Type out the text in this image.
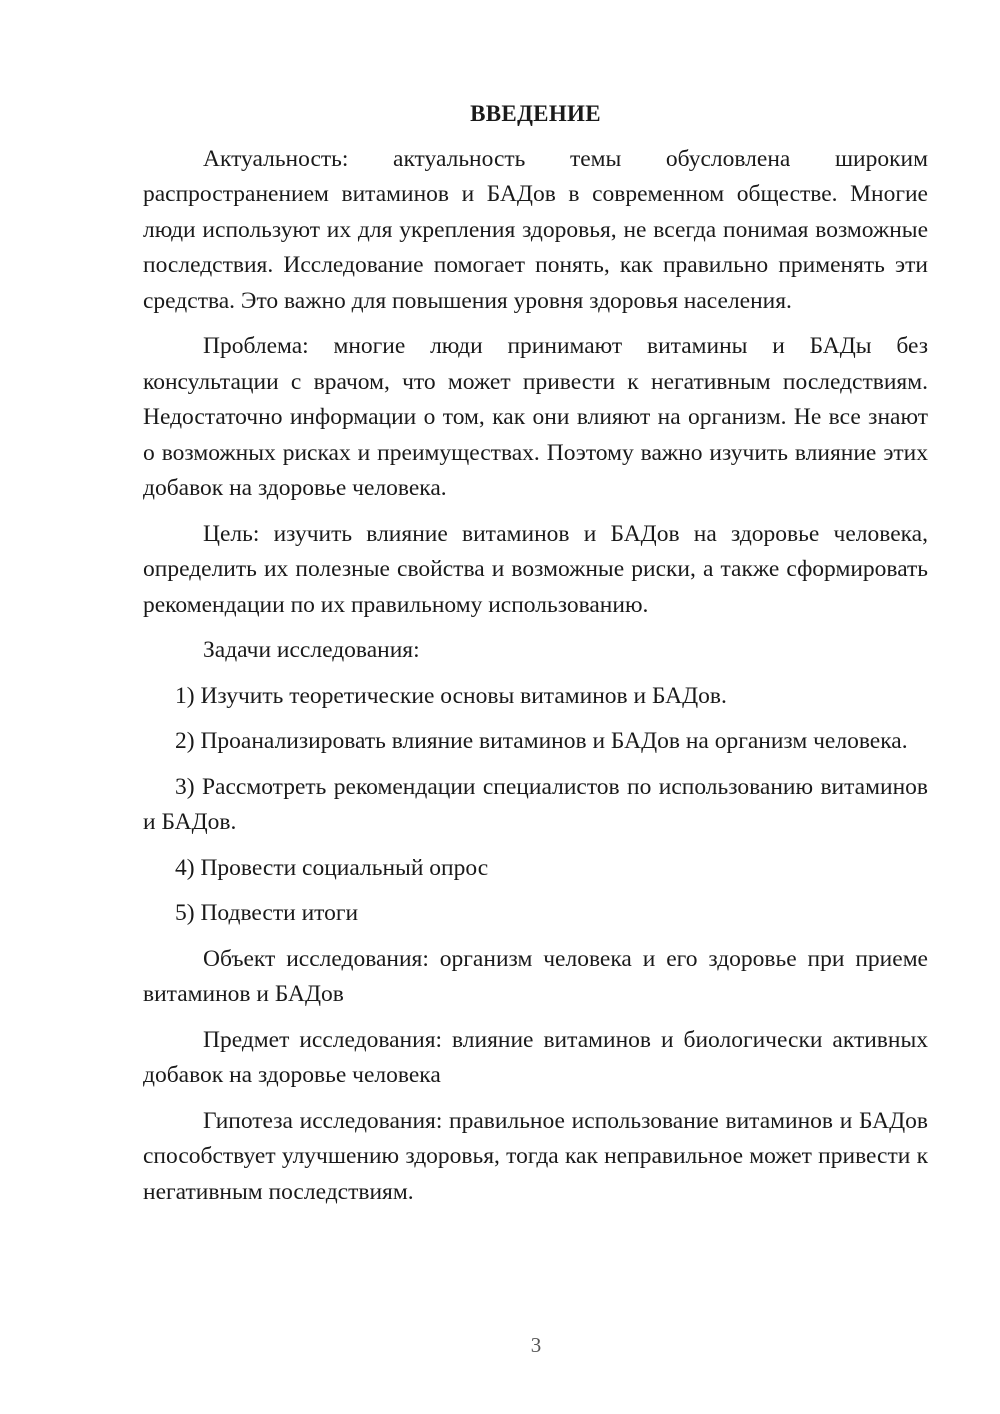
ВВЕДЕНИЕ

Актуальность: актуальность темы обусловлена широким распространением витаминов и БАДов в современном обществе. Многие люди используют их для укрепления здоровья, не всегда понимая возможные последствия. Исследование помогает понять, как правильно применять эти средства. Это важно для повышения уровня здоровья населения.

Проблема: многие люди принимают витамины и БАДы без консультации с врачом, что может привести к негативным последствиям. Недостаточно информации о том, как они влияют на организм. Не все знают о возможных рисках и преимуществах. Поэтому важно изучить влияние этих добавок на здоровье человека.

Цель: изучить влияние витаминов и БАДов на здоровье человека, определить их полезные свойства и возможные риски, а также сформировать рекомендации по их правильному использованию.

Задачи исследования:

1) Изучить теоретические основы витаминов и БАДов.

2) Проанализировать влияние витаминов и БАДов на организм человека.

3) Рассмотреть рекомендации специалистов по использованию витаминов и БАДов.

4) Провести социальный опрос

5) Подвести итоги

Объект исследования: организм человека и его здоровье при приеме витаминов и БАДов

Предмет исследования: влияние витаминов и биологически активных добавок на здоровье человека

Гипотеза исследования: правильное использование витаминов и БАДов способствует улучшению здоровья, тогда как неправильное может привести к негативным последствиям.

3
